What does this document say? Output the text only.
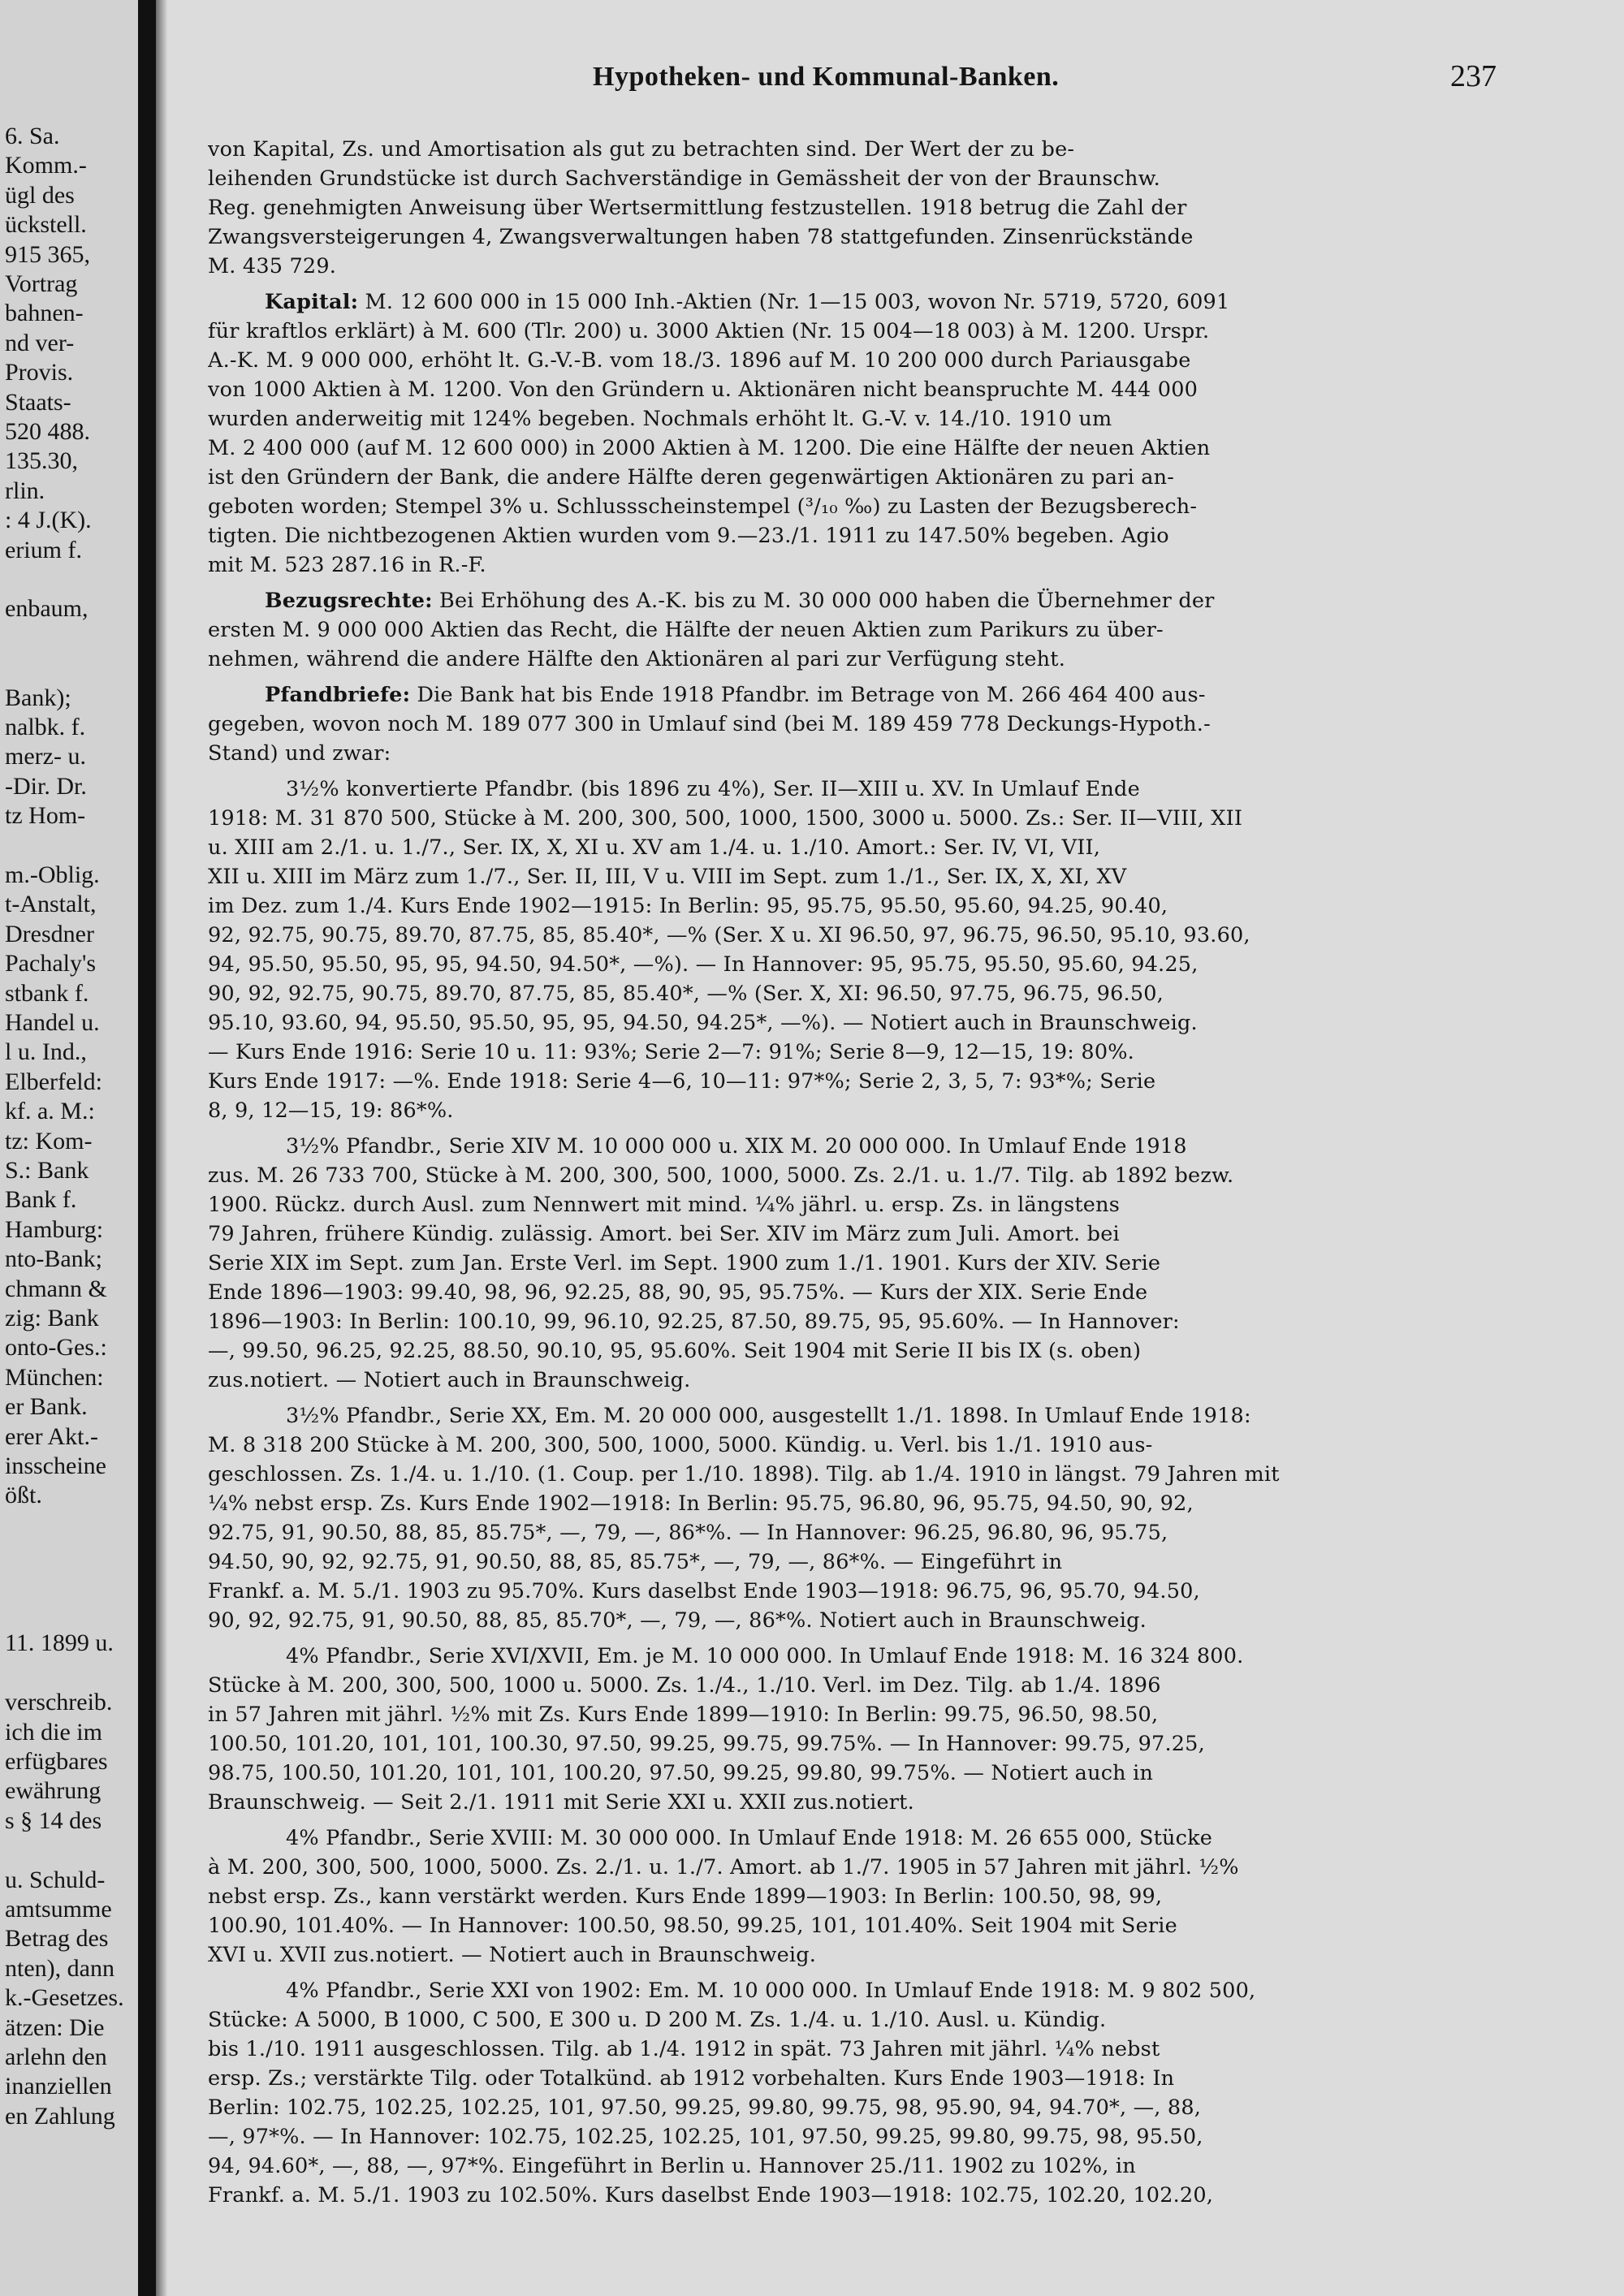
6. Sa.
Komm.-
ügl des
ückstell.
915 365,
Vortrag
bahnen-
nd ver-
Provis.
Staats-
520 488.
135.30,
rlin.
: 4 J.(K).
erium f.
enbaum,
Bank);
nalbk. f.
merz- u.
-Dir. Dr.
tz Hom-
m.-Oblig.
t-Anstalt,
Dresdner
Pachaly's
stbank f.
Handel u.
l u. Ind.,
Elberfeld:
kf. a. M.:
tz: Kom-
S.: Bank
Bank f.
Hamburg:
nto-Bank;
chmann &
zig: Bank
onto-Ges.:
München:
er Bank.
erer Akt.-
insscheine
ößt.
11. 1899 u.
verschreib.
ich die im
erfügbares
ewährung
s § 14 des
u. Schuld-
amtsumme
Betrag des
nten), dann
k.-Gesetzes.
ätzen: Die
arlehn den
inanziellen
en Zahlung
Hypotheken- und Kommunal-Banken.	237
von Kapital, Zs. und Amortisation als gut zu betrachten sind. Der Wert der zu be-
leihenden Grundstücke ist durch Sachverständige in Gemässheit der von der Braunschw.
Reg. genehmigten Anweisung über Wertsermittlung festzustellen. 1918 betrug die Zahl der
Zwangsversteigerungen 4, Zwangsverwaltungen haben 78 stattgefunden. Zinsenrückstände
M. 435 729.
Kapital: M. 12 600 000 in 15 000 Inh.-Aktien (Nr. 1—15 003, wovon Nr. 5719, 5720, 6091
für kraftlos erklärt) à M. 600 (Tlr. 200) u. 3000 Aktien (Nr. 15 004—18 003) à M. 1200. Urspr.
A.-K. M. 9 000 000, erhöht lt. G.-V.-B. vom 18./3. 1896 auf M. 10 200 000 durch Pariausgabe
von 1000 Aktien à M. 1200. Von den Gründern u. Aktionären nicht beanspruchte M. 444 000
wurden anderweitig mit 124% begeben. Nochmals erhöht lt. G.-V. v. 14./10. 1910 um
M. 2 400 000 (auf M. 12 600 000) in 2000 Aktien à M. 1200. Die eine Hälfte der neuen Aktien
ist den Gründern der Bank, die andere Hälfte deren gegenwärtigen Aktionären zu pari an-
geboten worden; Stempel 3% u. Schlussscheinstempel (³/₁₀ ‰) zu Lasten der Bezugsberech-
tigten. Die nichtbezogenen Aktien wurden vom 9.—23./1. 1911 zu 147.50% begeben. Agio
mit M. 523 287.16 in R.-F.
Bezugsrechte: Bei Erhöhung des A.-K. bis zu M. 30 000 000 haben die Übernehmer der
ersten M. 9 000 000 Aktien das Recht, die Hälfte der neuen Aktien zum Parikurs zu über-
nehmen, während die andere Hälfte den Aktionären al pari zur Verfügung steht.
Pfandbriefe: Die Bank hat bis Ende 1918 Pfandbr. im Betrage von M. 266 464 400 aus-
gegeben, wovon noch M. 189 077 300 in Umlauf sind (bei M. 189 459 778 Deckungs-Hypoth.-
Stand) und zwar:
3½% konvertierte Pfandbr. (bis 1896 zu 4%), Ser. II—XIII u. XV. In Umlauf Ende
1918: M. 31 870 500, Stücke à M. 200, 300, 500, 1000, 1500, 3000 u. 5000. Zs.: Ser. II—VIII, XII
u. XIII am 2./1. u. 1./7., Ser. IX, X, XI u. XV am 1./4. u. 1./10. Amort.: Ser. IV, VI, VII,
XII u. XIII im März zum 1./7., Ser. II, III, V u. VIII im Sept. zum 1./1., Ser. IX, X, XI, XV
im Dez. zum 1./4. Kurs Ende 1902—1915: In Berlin: 95, 95.75, 95.50, 95.60, 94.25, 90.40,
92, 92.75, 90.75, 89.70, 87.75, 85, 85.40*, —% (Ser. X u. XI 96.50, 97, 96.75, 96.50, 95.10, 93.60,
94, 95.50, 95.50, 95, 95, 94.50, 94.50*, —%). — In Hannover: 95, 95.75, 95.50, 95.60, 94.25,
90, 92, 92.75, 90.75, 89.70, 87.75, 85, 85.40*, —% (Ser. X, XI: 96.50, 97.75, 96.75, 96.50,
95.10, 93.60, 94, 95.50, 95.50, 95, 95, 94.50, 94.25*, —%). — Notiert auch in Braunschweig.
— Kurs Ende 1916: Serie 10 u. 11: 93%; Serie 2—7: 91%; Serie 8—9, 12—15, 19: 80%.
Kurs Ende 1917: —%. Ende 1918: Serie 4—6, 10—11: 97*%; Serie 2, 3, 5, 7: 93*%; Serie
8, 9, 12—15, 19: 86*%.
3½% Pfandbr., Serie XIV M. 10 000 000 u. XIX M. 20 000 000. In Umlauf Ende 1918
zus. M. 26 733 700, Stücke à M. 200, 300, 500, 1000, 5000. Zs. 2./1. u. 1./7. Tilg. ab 1892 bezw.
1900. Rückz. durch Ausl. zum Nennwert mit mind. ¼% jährl. u. ersp. Zs. in längstens
79 Jahren, frühere Kündig. zulässig. Amort. bei Ser. XIV im März zum Juli. Amort. bei
Serie XIX im Sept. zum Jan. Erste Verl. im Sept. 1900 zum 1./1. 1901. Kurs der XIV. Serie
Ende 1896—1903: 99.40, 98, 96, 92.25, 88, 90, 95, 95.75%. — Kurs der XIX. Serie Ende
1896—1903: In Berlin: 100.10, 99, 96.10, 92.25, 87.50, 89.75, 95, 95.60%. — In Hannover:
—, 99.50, 96.25, 92.25, 88.50, 90.10, 95, 95.60%. Seit 1904 mit Serie II bis IX (s. oben)
zus.notiert. — Notiert auch in Braunschweig.
3½% Pfandbr., Serie XX, Em. M. 20 000 000, ausgestellt 1./1. 1898. In Umlauf Ende 1918:
M. 8 318 200 Stücke à M. 200, 300, 500, 1000, 5000. Kündig. u. Verl. bis 1./1. 1910 aus-
geschlossen. Zs. 1./4. u. 1./10. (1. Coup. per 1./10. 1898). Tilg. ab 1./4. 1910 in längst. 79 Jahren mit
¼% nebst ersp. Zs. Kurs Ende 1902—1918: In Berlin: 95.75, 96.80, 96, 95.75, 94.50, 90, 92,
92.75, 91, 90.50, 88, 85, 85.75*, —, 79, —, 86*%. — In Hannover: 96.25, 96.80, 96, 95.75,
94.50, 90, 92, 92.75, 91, 90.50, 88, 85, 85.75*, —, 79, —, 86*%. — Eingeführt in
Frankf. a. M. 5./1. 1903 zu 95.70%. Kurs daselbst Ende 1903—1918: 96.75, 96, 95.70, 94.50,
90, 92, 92.75, 91, 90.50, 88, 85, 85.70*, —, 79, —, 86*%. Notiert auch in Braunschweig.
4% Pfandbr., Serie XVI/XVII, Em. je M. 10 000 000. In Umlauf Ende 1918: M. 16 324 800.
Stücke à M. 200, 300, 500, 1000 u. 5000. Zs. 1./4., 1./10. Verl. im Dez. Tilg. ab 1./4. 1896
in 57 Jahren mit jährl. ½% mit Zs. Kurs Ende 1899—1910: In Berlin: 99.75, 96.50, 98.50,
100.50, 101.20, 101, 101, 100.30, 97.50, 99.25, 99.75, 99.75%. — In Hannover: 99.75, 97.25,
98.75, 100.50, 101.20, 101, 101, 100.20, 97.50, 99.25, 99.80, 99.75%. — Notiert auch in
Braunschweig. — Seit 2./1. 1911 mit Serie XXI u. XXII zus.notiert.
4% Pfandbr., Serie XVIII: M. 30 000 000. In Umlauf Ende 1918: M. 26 655 000, Stücke
à M. 200, 300, 500, 1000, 5000. Zs. 2./1. u. 1./7. Amort. ab 1./7. 1905 in 57 Jahren mit jährl. ½%
nebst ersp. Zs., kann verstärkt werden. Kurs Ende 1899—1903: In Berlin: 100.50, 98, 99,
100.90, 101.40%. — In Hannover: 100.50, 98.50, 99.25, 101, 101.40%. Seit 1904 mit Serie
XVI u. XVII zus.notiert. — Notiert auch in Braunschweig.
4% Pfandbr., Serie XXI von 1902: Em. M. 10 000 000. In Umlauf Ende 1918: M. 9 802 500,
Stücke: A 5000, B 1000, C 500, E 300 u. D 200 M. Zs. 1./4. u. 1./10. Ausl. u. Kündig.
bis 1./10. 1911 ausgeschlossen. Tilg. ab 1./4. 1912 in spät. 73 Jahren mit jährl. ¼% nebst
ersp. Zs.; verstärkte Tilg. oder Totalkünd. ab 1912 vorbehalten. Kurs Ende 1903—1918: In
Berlin: 102.75, 102.25, 102.25, 101, 97.50, 99.25, 99.80, 99.75, 98, 95.90, 94, 94.70*, —, 88,
—, 97*%. — In Hannover: 102.75, 102.25, 102.25, 101, 97.50, 99.25, 99.80, 99.75, 98, 95.50,
94, 94.60*, —, 88, —, 97*%. Eingeführt in Berlin u. Hannover 25./11. 1902 zu 102%, in
Frankf. a. M. 5./1. 1903 zu 102.50%. Kurs daselbst Ende 1903—1918: 102.75, 102.20, 102.20,
